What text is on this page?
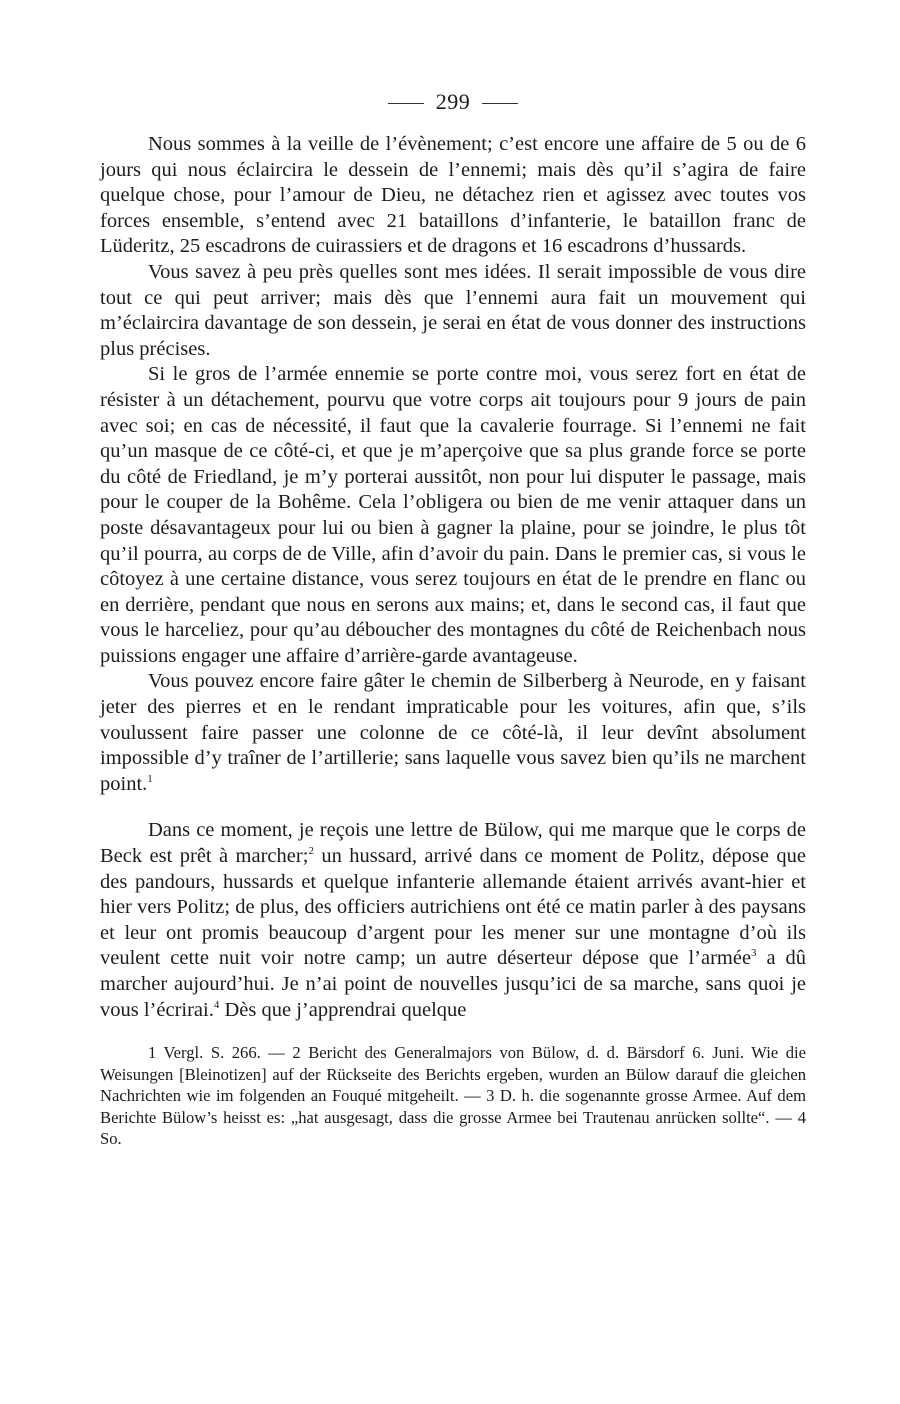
299

Nous sommes à la veille de l’évènement; c’est encore une affaire de 5 ou de 6 jours qui nous éclaircira le dessein de l’ennemi; mais dès qu’il s’agira de faire quelque chose, pour l’amour de Dieu, ne détachez rien et agissez avec toutes vos forces ensemble, s’entend avec 21 bataillons d’infanterie, le bataillon franc de Lüderitz, 25 escadrons de cuirassiers et de dragons et 16 escadrons d’hussards.

Vous savez à peu près quelles sont mes idées. Il serait impossible de vous dire tout ce qui peut arriver; mais dès que l’ennemi aura fait un mouvement qui m’éclaircira davantage de son dessein, je serai en état de vous donner des instructions plus précises.

Si le gros de l’armée ennemie se porte contre moi, vous serez fort en état de résister à un détachement, pourvu que votre corps ait toujours pour 9 jours de pain avec soi; en cas de nécessité, il faut que la cavalerie fourrage. Si l’ennemi ne fait qu’un masque de ce côté-ci, et que je m’aperçoive que sa plus grande force se porte du côté de Friedland, je m’y porterai aussitôt, non pour lui disputer le passage, mais pour le couper de la Bohême. Cela l’obligera ou bien de me venir attaquer dans un poste désavantageux pour lui ou bien à gagner la plaine, pour se joindre, le plus tôt qu’il pourra, au corps de de Ville, afin d’avoir du pain. Dans le premier cas, si vous le côtoyez à une certaine distance, vous serez toujours en état de le prendre en flanc ou en derrière, pendant que nous en serons aux mains; et, dans le second cas, il faut que vous le harceliez, pour qu’au déboucher des montagnes du côté de Reichenbach nous puissions engager une affaire d’arrière-garde avantageuse.

Vous pouvez encore faire gâter le chemin de Silberberg à Neurode, en y faisant jeter des pierres et en le rendant impraticable pour les voitures, afin que, s’ils voulussent faire passer une colonne de ce côté-là, il leur devînt absolument impossible d’y traîner de l’artillerie; sans laquelle vous savez bien qu’ils ne marchent point.$^1$

Dans ce moment, je reçois une lettre de Bülow, qui me marque que le corps de Beck est prêt à marcher;$^2$ un hussard, arrivé dans ce moment de Politz, dépose que des pandours, hussards et quelque infanterie allemande étaient arrivés avant-hier et hier vers Politz; de plus, des officiers autrichiens ont été ce matin parler à des paysans et leur ont promis beaucoup d’argent pour les mener sur une montagne d’où ils veulent cette nuit voir notre camp; un autre déserteur dépose que l’armée$^3$ a dû marcher aujourd’hui. Je n’ai point de nouvelles jusqu’ici de sa marche, sans quoi je vous l’écrirai.$^4$ Dès que j’apprendrai quelque

1 Vergl. S. 266. — 2 Bericht des Generalmajors von Bülow, d. d. Bärsdorf 6. Juni. Wie die Weisungen [Bleinotizen] auf der Rückseite des Berichts ergeben, wurden an Bülow darauf die gleichen Nachrichten wie im folgenden an Fouqué mitgeheilt. — 3 D. h. die sogenannte grosse Armee. Auf dem Berichte Bülow’s heisst es: „hat ausgesagt, dass die grosse Armee bei Trautenau anrücken sollte“. — 4 So.
